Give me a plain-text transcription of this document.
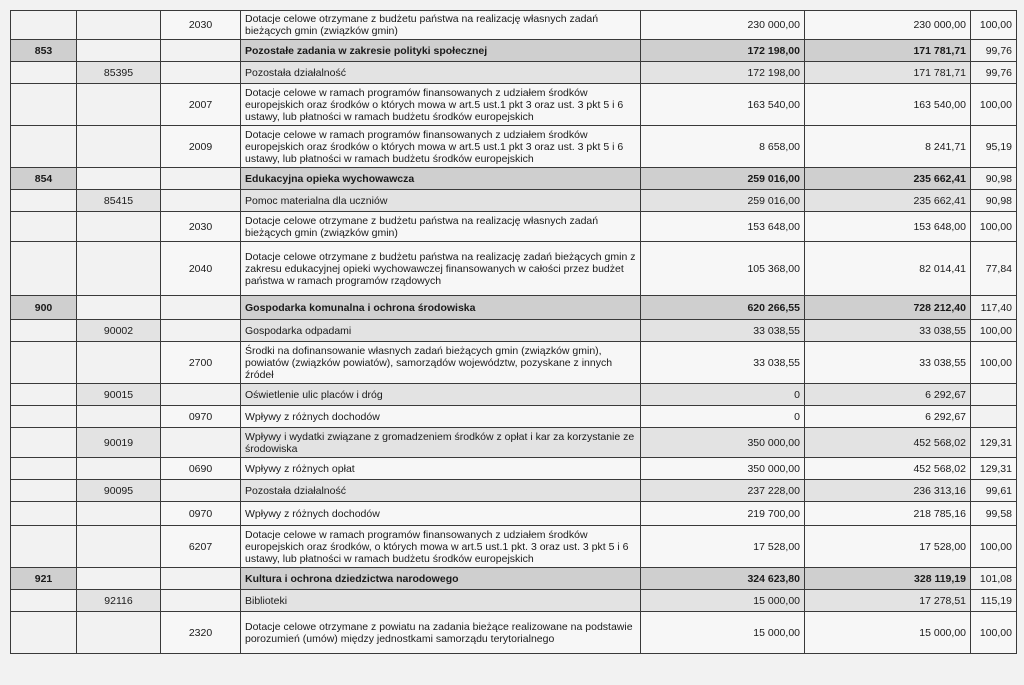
		2030	Dotacje celowe otrzymane z budżetu państwa na realizację własnych zadań bieżących gmin (związków gmin)	230 000,00	230 000,00	100,00
853			Pozostałe zadania w zakresie polityki społecznej	172 198,00	171 781,71	99,76
	85395		Pozostała działalność	172 198,00	171 781,71	99,76
		2007	Dotacje celowe w ramach programów finansowanych z udziałem środków europejskich oraz środków o których mowa w art.5 ust.1 pkt 3 oraz ust. 3 pkt 5 i 6 ustawy, lub płatności w ramach budżetu środków europejskich	163 540,00	163 540,00	100,00
		2009	Dotacje celowe w ramach programów finansowanych z udziałem środków europejskich oraz środków o których mowa w art.5 ust.1 pkt 3 oraz ust. 3 pkt 5 i 6 ustawy, lub płatności w ramach budżetu środków europejskich	8 658,00	8 241,71	95,19
854			Edukacyjna opieka wychowawcza	259 016,00	235 662,41	90,98
	85415		Pomoc materialna dla uczniów	259 016,00	235 662,41	90,98
		2030	Dotacje celowe otrzymane z budżetu państwa na realizację własnych zadań bieżących gmin (związków gmin)	153 648,00	153 648,00	100,00
		2040	Dotacje celowe otrzymane z budżetu państwa na realizację zadań bieżących gmin z zakresu edukacyjnej opieki wychowawczej finansowanych w całości przez budżet państwa w ramach programów rządowych	105 368,00	82 014,41	77,84
900			Gospodarka komunalna i ochrona środowiska	620 266,55	728 212,40	117,40
	90002		Gospodarka odpadami	33 038,55	33 038,55	100,00
		2700	Środki na dofinansowanie własnych zadań bieżących gmin (związków gmin), powiatów (związków powiatów), samorządów województw, pozyskane z innych źródeł	33 038,55	33 038,55	100,00
	90015		Oświetlenie ulic placów i dróg	0	6 292,67	
		0970	Wpływy z różnych dochodów	0	6 292,67	
	90019		Wpływy i wydatki związane z gromadzeniem środków z opłat i kar za korzystanie ze środowiska	350 000,00	452 568,02	129,31
		0690	Wpływy z różnych opłat	350 000,00	452 568,02	129,31
	90095		Pozostała działalność	237 228,00	236 313,16	99,61
		0970	Wpływy z różnych dochodów	219 700,00	218 785,16	99,58
		6207	Dotacje celowe w ramach programów finansowanych z udziałem środków europejskich oraz środków, o których mowa w art.5 ust.1 pkt. 3 oraz ust. 3 pkt 5 i 6 ustawy, lub płatności w ramach budżetu środków europejskich	17 528,00	17 528,00	100,00
921			Kultura i ochrona dziedzictwa narodowego	324 623,80	328 119,19	101,08
	92116		Biblioteki	15 000,00	17 278,51	115,19
		2320	Dotacje celowe otrzymane z powiatu na zadania bieżące realizowane na podstawie porozumień (umów) między jednostkami samorządu terytorialnego	15 000,00	15 000,00	100,00
